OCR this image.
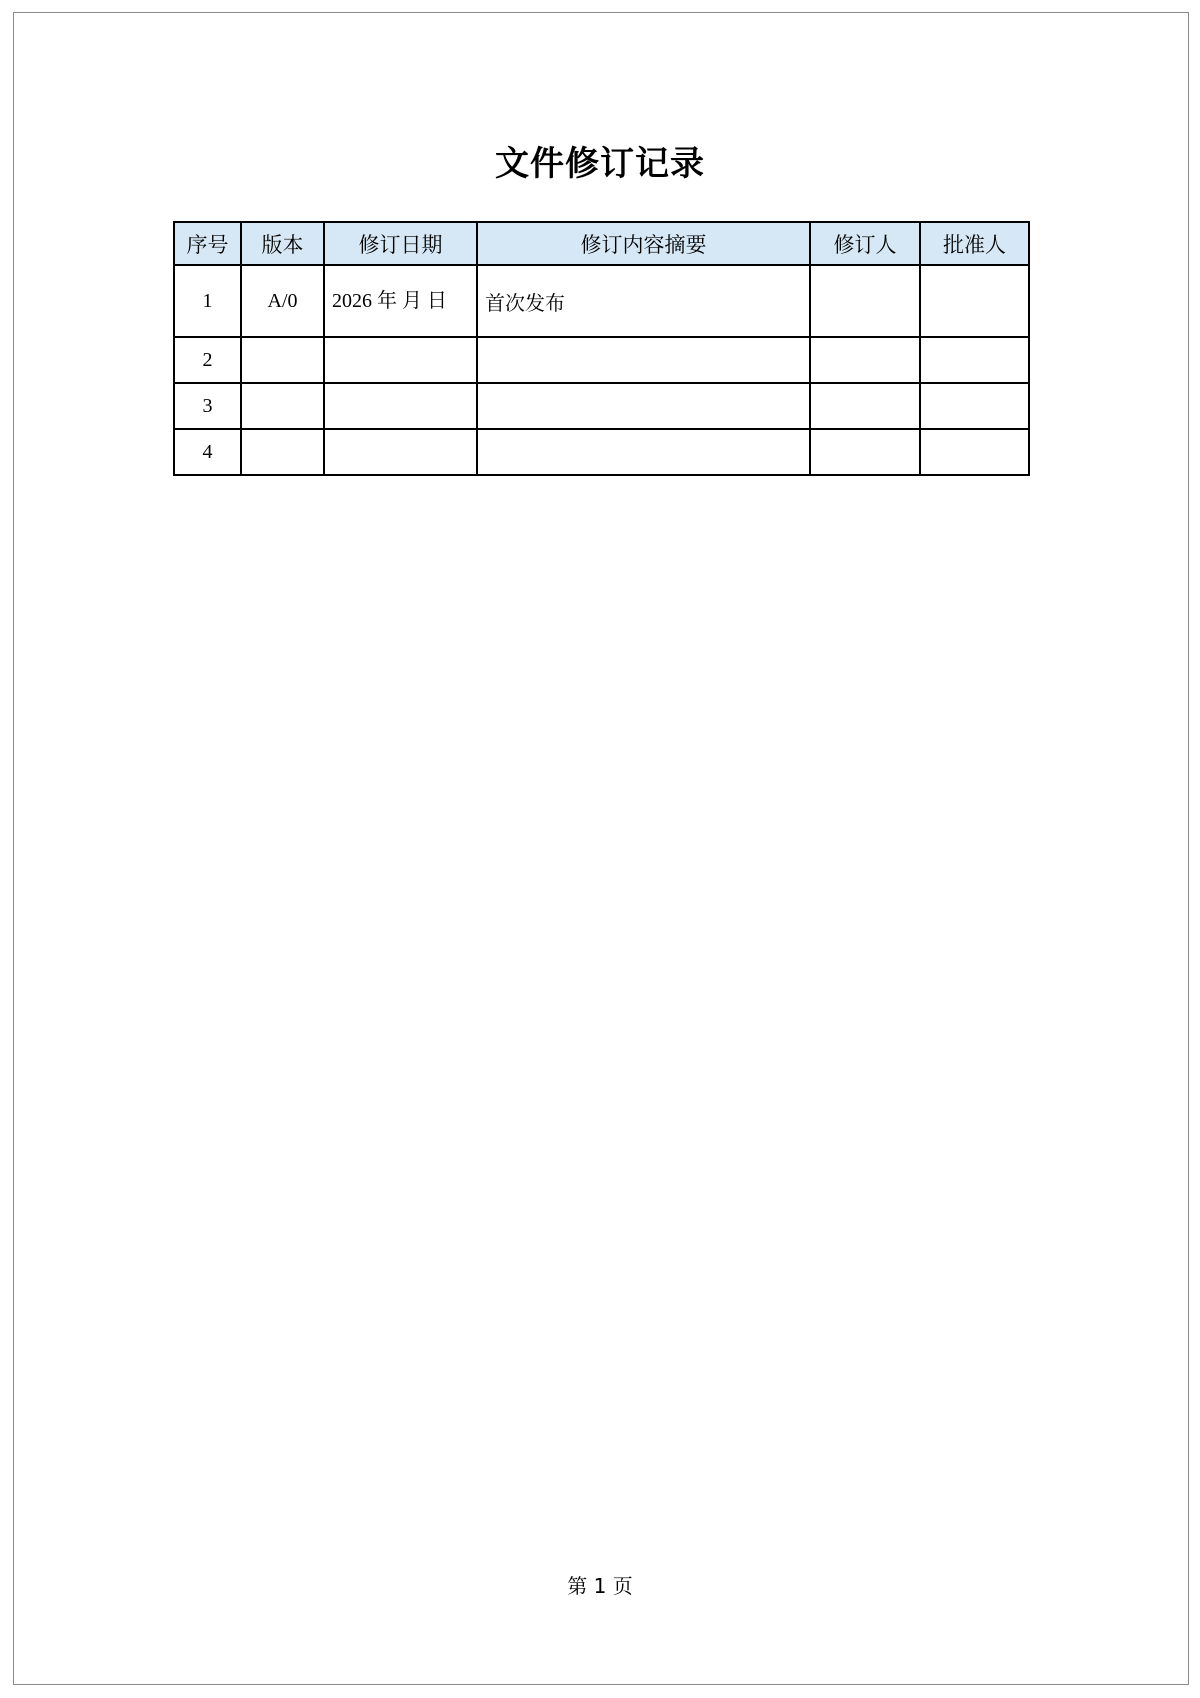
文件修订记录
序号	版本	修订日期	修订内容摘要	修订人	批准人
1	A/0	2026 年 月 日	首次发布		
2					
3					
4					
第 1 页
